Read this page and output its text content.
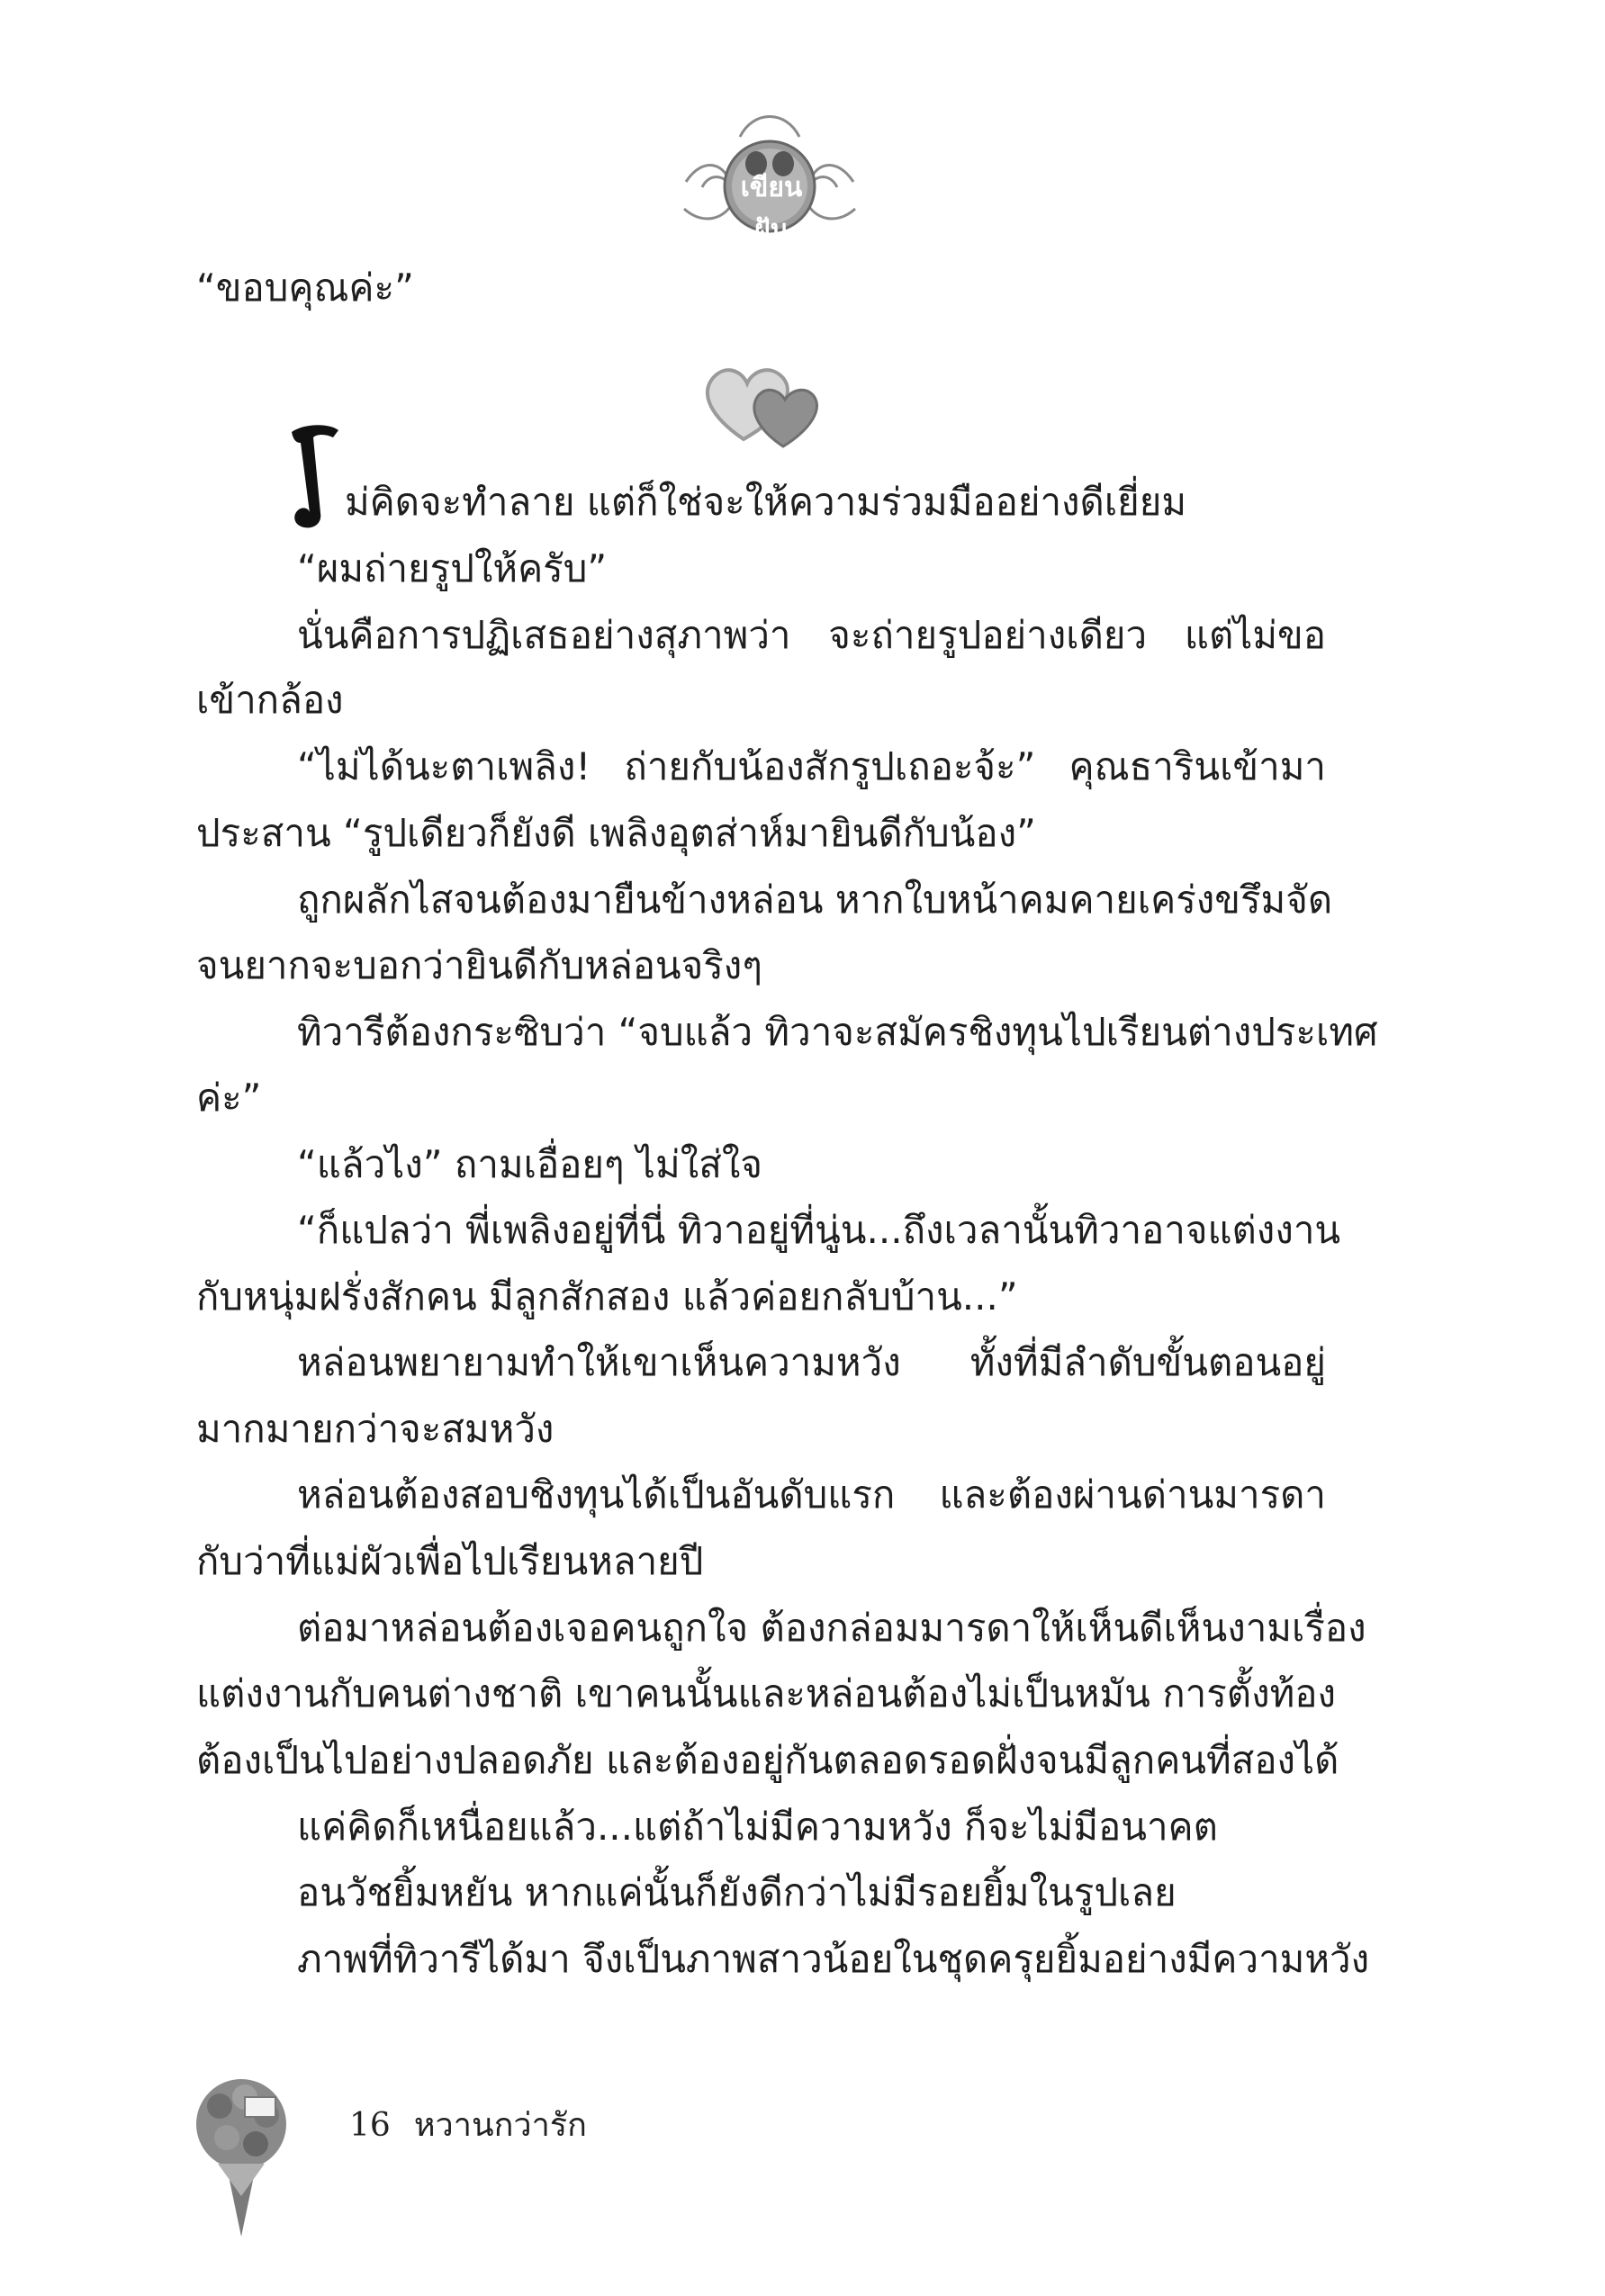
เขียนฝัน
“ขอบคุณค่ะ”
ม่คิดจะทำลาย แต่ก็ใช่จะให้ความร่วมมืออย่างดีเยี่ยม
“ผมถ่ายรูปให้ครับ”
นั่นคือการปฏิเสธอย่างสุภาพว่า จะถ่ายรูปอย่างเดียว แต่ไม่ขอ
เข้ากล้อง
“ไม่ได้นะตาเพลิง! ถ่ายกับน้องสักรูปเถอะจ้ะ” คุณธารินเข้ามา
ประสาน “รูปเดียวก็ยังดี เพลิงอุตส่าห์มายินดีกับน้อง”
ถูกผลักไสจนต้องมายืนข้างหล่อน หากใบหน้าคมคายเคร่งขรึมจัด
จนยากจะบอกว่ายินดีกับหล่อนจริงๆ
ทิวารีต้องกระซิบว่า “จบแล้ว ทิวาจะสมัครชิงทุนไปเรียนต่างประเทศ
ค่ะ”
“แล้วไง” ถามเอื่อยๆ ไม่ใส่ใจ
“ก็แปลว่า พี่เพลิงอยู่ที่นี่ ทิวาอยู่ที่นู่น...ถึงเวลานั้นทิวาอาจแต่งงาน
กับหนุ่มฝรั่งสักคน มีลูกสักสอง แล้วค่อยกลับบ้าน...”
หล่อนพยายามทำให้เขาเห็นความหวัง ทั้งที่มีลำดับขั้นตอนอยู่
มากมายกว่าจะสมหวัง
หล่อนต้องสอบชิงทุนได้เป็นอันดับแรก และต้องผ่านด่านมารดา
กับว่าที่แม่ผัวเพื่อไปเรียนหลายปี
ต่อมาหล่อนต้องเจอคนถูกใจ ต้องกล่อมมารดาให้เห็นดีเห็นงามเรื่อง
แต่งงานกับคนต่างชาติ เขาคนนั้นและหล่อนต้องไม่เป็นหมัน การตั้งท้อง
ต้องเป็นไปอย่างปลอดภัย และต้องอยู่กันตลอดรอดฝั่งจนมีลูกคนที่สองได้
แค่คิดก็เหนื่อยแล้ว...แต่ถ้าไม่มีความหวัง ก็จะไม่มีอนาคต
อนวัชยิ้มหยัน หากแค่นั้นก็ยังดีกว่าไม่มีรอยยิ้มในรูปเลย
ภาพที่ทิวารีได้มา จึงเป็นภาพสาวน้อยในชุดครุยยิ้มอย่างมีความหวัง
16 หวานกว่ารัก
